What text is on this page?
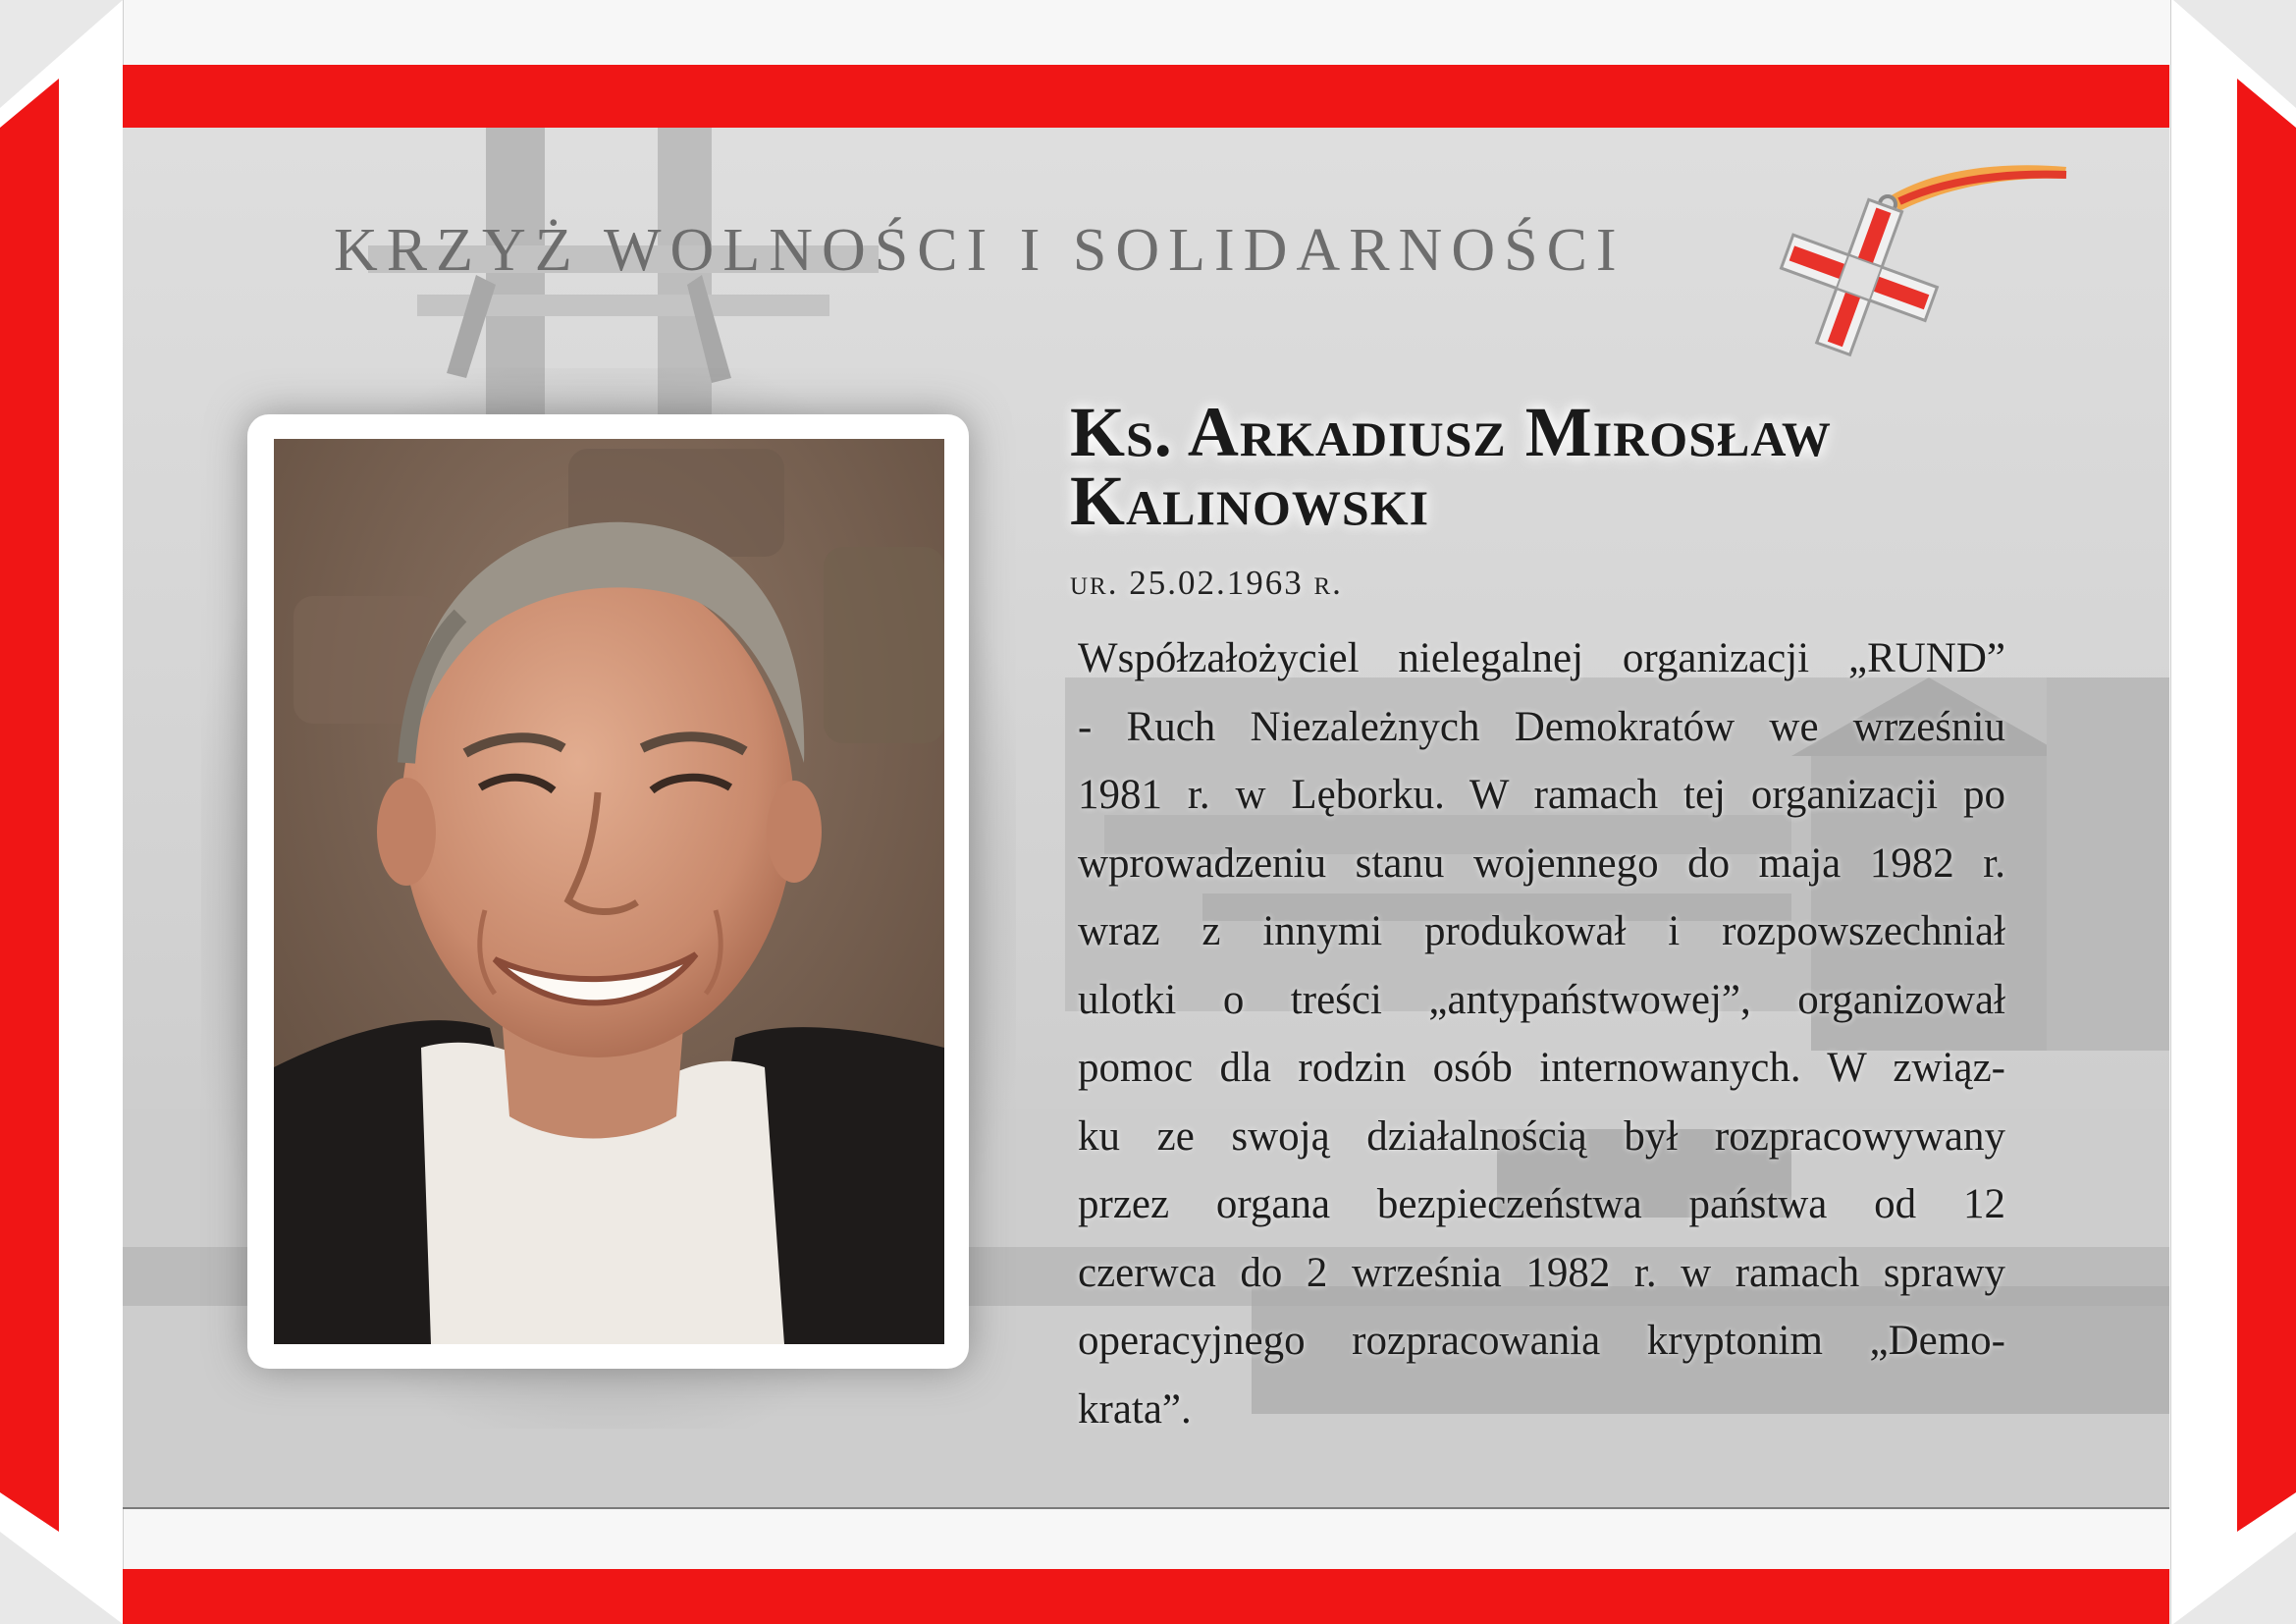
KRZYŻ WOLNOŚCI I SOLIDARNOŚCI
Ks. Arkadiusz Mirosław
Kalinowski
ur. 25.02.1963 r.
Współzałożyciel nielegalnej organizacji „RUND”
- Ruch Niezależnych Demokratów we wrześniu
1981 r. w Lęborku. W ramach tej organizacji po
wprowadzeniu stanu wojennego do maja 1982 r.
wraz z innymi produkował i rozpowszechniał
ulotki o treści „antypaństwowej”, organizował
pomoc dla rodzin osób internowanych. W związ-
ku ze swoją działalnością był rozpracowywany
przez organa bezpieczeństwa państwa od 12
czerwca do 2 września 1982 r. w ramach sprawy
operacyjnego rozpracowania kryptonim „Demo-
krata”.
